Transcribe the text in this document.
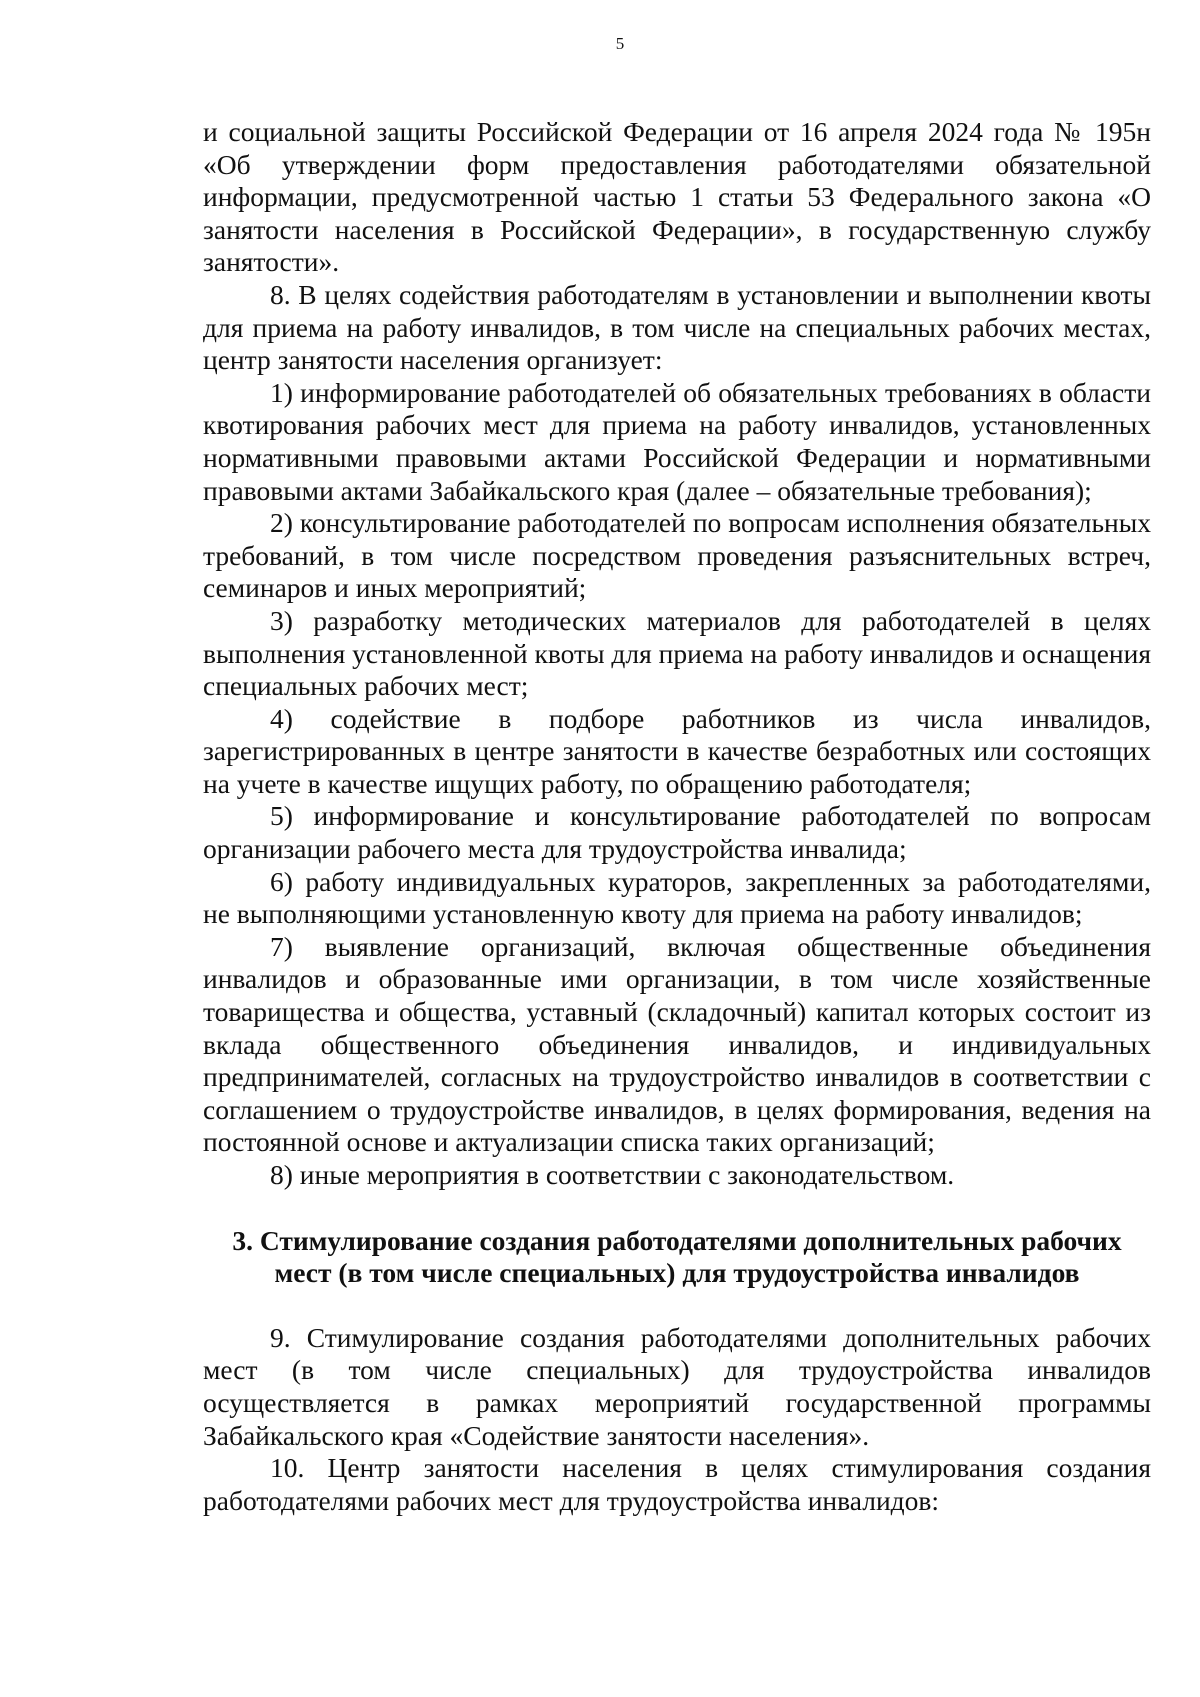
5

и социальной защиты Российской Федерации от 16 апреля 2024 года № 195н «Об утверждении форм предоставления работодателями обязательной информации, предусмотренной частью 1 статьи 53 Федерального закона «О занятости населения в Российской Федерации», в государственную службу занятости».

8. В целях содействия работодателям в установлении и выполнении квоты для приема на работу инвалидов, в том числе на специальных рабочих местах, центр занятости населения организует:

1) информирование работодателей об обязательных требованиях в области квотирования рабочих мест для приема на работу инвалидов, установленных нормативными правовыми актами Российской Федерации и нормативными правовыми актами Забайкальского края (далее – обязательные требования);

2) консультирование работодателей по вопросам исполнения обязательных требований, в том числе посредством проведения разъяснительных встреч, семинаров и иных мероприятий;

3) разработку методических материалов для работодателей в целях выполнения установленной квоты для приема на работу инвалидов и оснащения специальных рабочих мест;

4) содействие в подборе работников из числа инвалидов, зарегистрированных в центре занятости в качестве безработных или состоящих на учете в качестве ищущих работу, по обращению работодателя;

5) информирование и консультирование работодателей по вопросам организации рабочего места для трудоустройства инвалида;

6) работу индивидуальных кураторов, закрепленных за работодателями, не выполняющими установленную квоту для приема на работу инвалидов;

7) выявление организаций, включая общественные объединения инвалидов и образованные ими организации, в том числе хозяйственные товарищества и общества, уставный (складочный) капитал которых состоит из вклада общественного объединения инвалидов, и индивидуальных предпринимателей, согласных на трудоустройство инвалидов в соответствии с соглашением о трудоустройстве инвалидов, в целях формирования, ведения на постоянной основе и актуализации списка таких организаций;

8) иные мероприятия в соответствии с законодательством.

3. Стимулирование создания работодателями дополнительных рабочих
мест (в том числе специальных) для трудоустройства инвалидов

9. Стимулирование создания работодателями дополнительных рабочих мест (в том числе специальных) для трудоустройства инвалидов осуществляется в рамках мероприятий государственной программы Забайкальского края «Содействие занятости населения».

10. Центр занятости населения в целях стимулирования создания работодателями рабочих мест для трудоустройства инвалидов:
